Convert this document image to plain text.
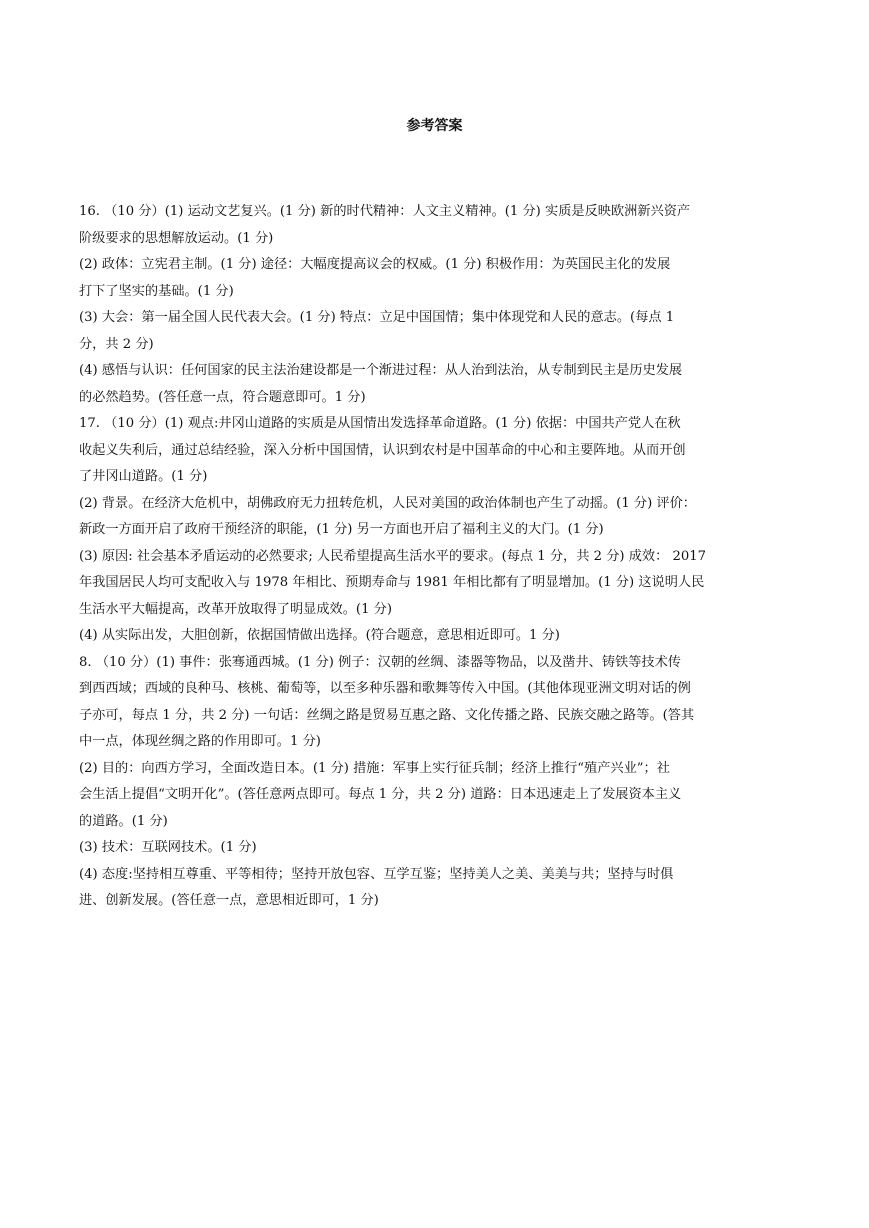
参考答案

16. （10 分）(1) 运动文艺复兴。(1 分) 新的时代精神：人文主义精神。(1 分) 实质是反映欧洲新兴资产
阶级要求的思想解放运动。(1 分)
(2) 政体：立宪君主制。(1 分) 途径：大幅度提高议会的权威。(1 分) 积极作用：为英国民主化的发展
打下了坚实的基础。(1 分)
(3) 大会：第一届全国人民代表大会。(1 分) 特点：立足中国国情；集中体现党和人民的意志。(每点 1
分，共 2 分)
(4) 感悟与认识：任何国家的民主法治建设都是一个渐进过程：从人治到法治，从专制到民主是历史发展
的必然趋势。(答任意一点，符合题意即可。1 分)
17. （10 分）(1) 观点:井冈山道路的实质是从国情出发选择革命道路。(1 分) 依据：中国共产党人在秋
收起义失利后，通过总结经验，深入分析中国国情，认识到农村是中国革命的中心和主要阵地。从而开创
了井冈山道路。(1 分)
(2) 背景。在经济大危机中，胡佛政府无力扭转危机，人民对美国的政治体制也产生了动摇。(1 分) 评价：
新政一方面开启了政府干预经济的职能，(1 分) 另一方面也开启了福利主义的大门。(1 分)
(3) 原因: 社会基本矛盾运动的必然要求; 人民希望提高生活水平的要求。(每点 1 分，共 2 分) 成效： 2017
年我国居民人均可支配收入与 1978 年相比、预期寿命与 1981 年相比都有了明显增加。(1 分) 这说明人民
生活水平大幅提高，改革开放取得了明显成效。(1 分)
(4) 从实际出发，大胆创新，依据国情做出选择。(符合题意，意思相近即可。1 分)
8. （10 分）(1) 事件：张骞通西城。(1 分) 例子：汉朝的丝绸、漆器等物品，以及凿井、铸铁等技术传
到西西域；西域的良种马、核桃、葡萄等，以至多种乐器和歌舞等传入中国。(其他体现亚洲文明对话的例
子亦可，每点 1 分，共 2 分) 一句话：丝绸之路是贸易互惠之路、文化传播之路、民族交融之路等。(答其
中一点，体现丝绸之路的作用即可。1 分)
(2) 目的：向西方学习，全面改造日本。(1 分) 措施：军事上实行征兵制；经济上推行“殖产兴业”；社
会生活上提倡“文明开化”。(答任意两点即可。每点 1 分，共 2 分) 道路：日本迅速走上了发展资本主义
的道路。(1 分)
(3) 技术：互联网技术。(1 分)
(4) 态度:坚持相互尊重、平等相待；坚持开放包容、互学互鉴；坚持美人之美、美美与共；坚持与时俱
进、创新发展。(答任意一点，意思相近即可，1 分)
